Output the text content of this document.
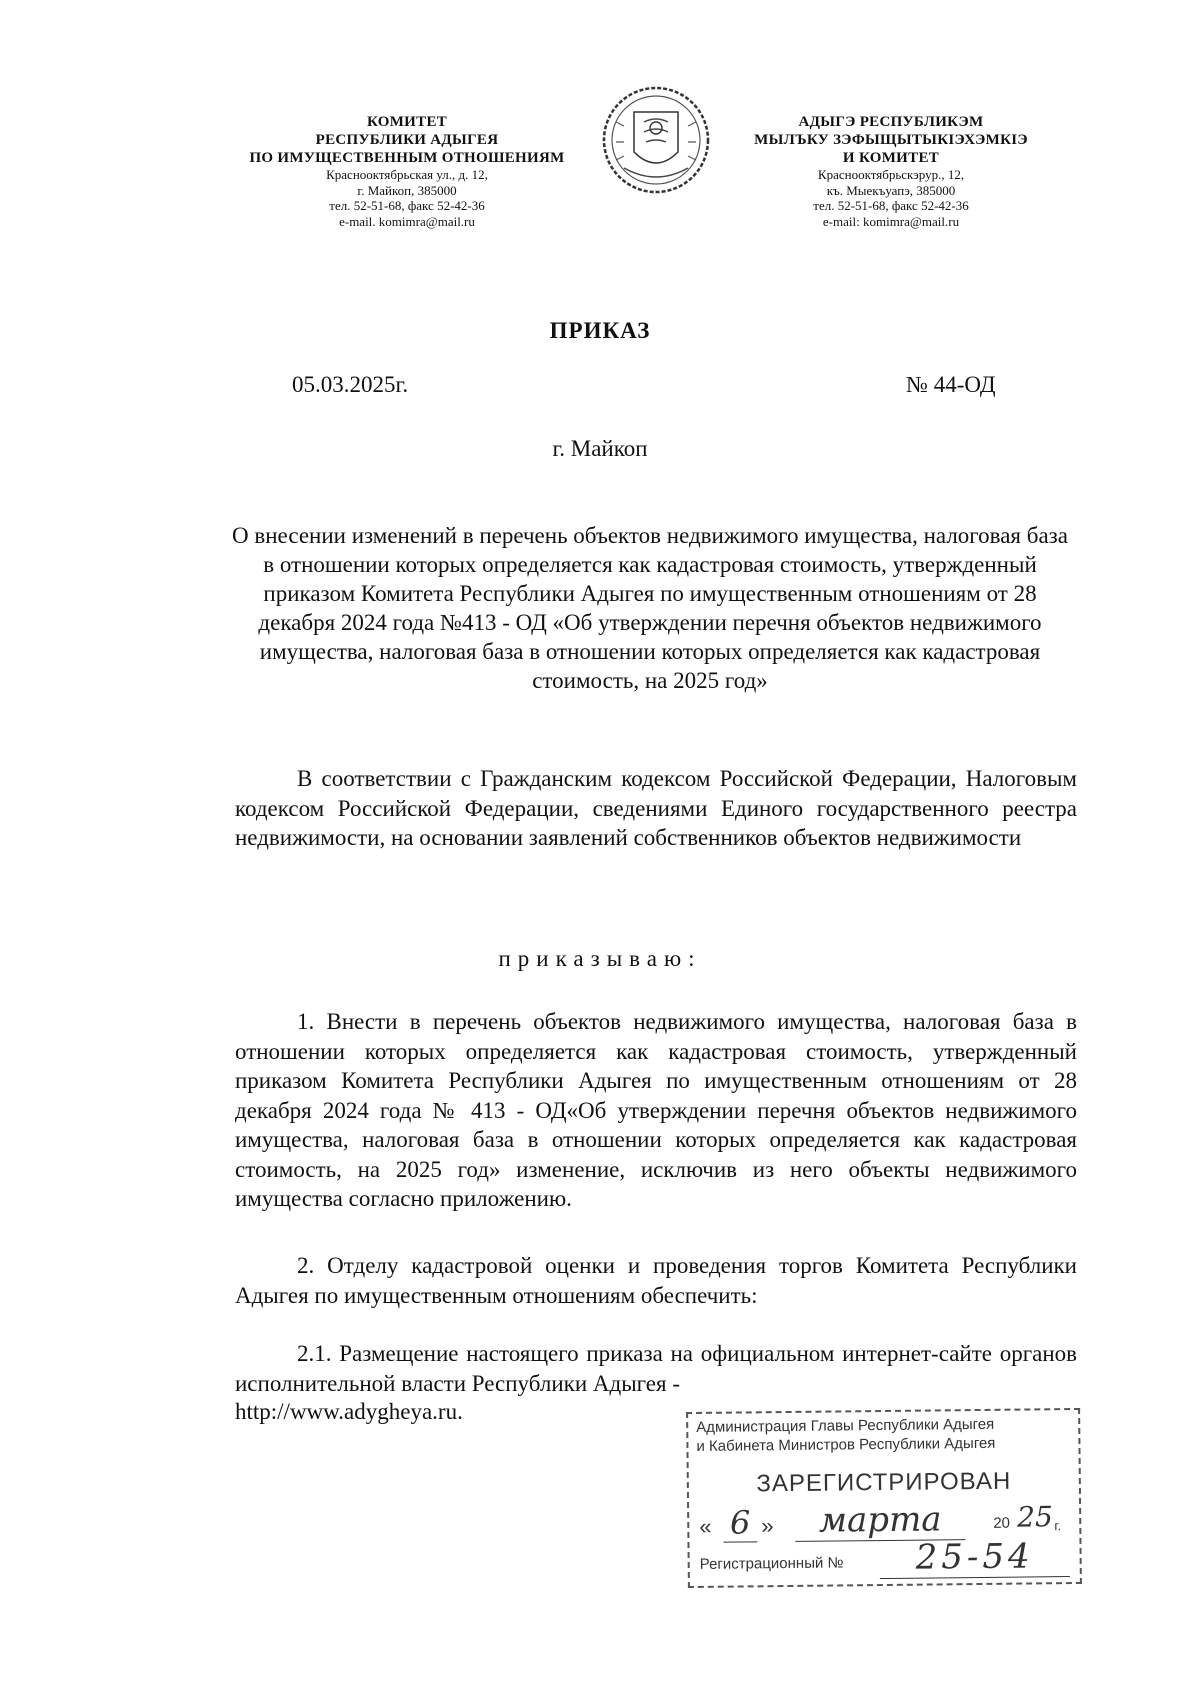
КОМИТЕТ
РЕСПУБЛИКИ АДЫГЕЯ
ПО ИМУЩЕСТВЕННЫМ ОТНОШЕНИЯМ
Краснооктябрьская ул., д. 12,
г. Майкоп, 385000
тел. 52-51-68, факс 52-42-36
e-mail. komimra@mail.ru
АДЫГЭ РЕСПУБЛИКЭМ
МЫЛЪКУ ЗЭФЫЩЫТЫКІЭХЭМКІЭ
И КОМИТЕТ
Краснооктябрьскэрур., 12,
къ. Мыекъуапэ, 385000
тел. 52-51-68, факс 52-42-36
e-mail: komimra@mail.ru
ПРИКАЗ
05.03.2025г.	№ 44-ОД
г. Майкоп
О внесении изменений в перечень объектов недвижимого имущества, налоговая база в отношении которых определяется как кадастровая стоимость, утвержденный приказом Комитета Республики Адыгея по имущественным отношениям от 28 декабря 2024 года №413 - ОД «Об утверждении перечня объектов недвижимого имущества, налоговая база в отношении которых определяется как кадастровая стоимость, на 2025 год»
В соответствии с Гражданским кодексом Российской Федерации, Налоговым кодексом Российской Федерации, сведениями Единого государственного реестра недвижимости, на основании заявлений собственников объектов недвижимости
приказываю:
1. Внести в перечень объектов недвижимого имущества, налоговая база в отношении которых определяется как кадастровая стоимость, утвержденный приказом Комитета Республики Адыгея по имущественным отношениям от 28 декабря 2024 года № 413 - ОД«Об утверждении перечня объектов недвижимого имущества, налоговая база в отношении которых определяется как кадастровая стоимость, на 2025 год» изменение, исключив из него объекты недвижимого имущества согласно приложению.
2. Отделу кадастровой оценки и проведения торгов Комитета Республики Адыгея по имущественным отношениям обеспечить:
2.1. Размещение настоящего приказа на официальном интернет-сайте органов исполнительной власти Республики Адыгея -
http://www.adygheya.ru.
Администрация Главы Республики Адыгея
и Кабинета Министров Республики Адыгея
ЗАРЕГИСТРИРОВАН
« 6 »	марта	20 25 г.
Регистрационный №	25-54
